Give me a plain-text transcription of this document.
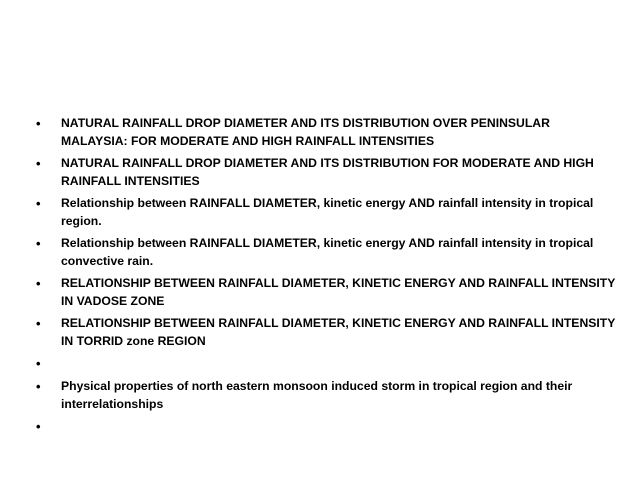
• NATURAL RAINFALL DROP DIAMETER AND ITS DISTRIBUTION OVER PENINSULAR MALAYSIA: FOR MODERATE AND HIGH RAINFALL INTENSITIES
• NATURAL RAINFALL DROP DIAMETER AND ITS DISTRIBUTION FOR MODERATE AND HIGH RAINFALL INTENSITIES
• Relationship between RAINFALL DIAMETER, kinetic energy AND rainfall intensity in tropical region.
• Relationship between RAINFALL DIAMETER, kinetic energy AND rainfall intensity in tropical convective rain.
• RELATIONSHIP BETWEEN RAINFALL DIAMETER, KINETIC ENERGY AND RAINFALL INTENSITY IN VADOSE ZONE
• RELATIONSHIP BETWEEN RAINFALL DIAMETER, KINETIC ENERGY AND RAINFALL INTENSITY IN TORRID zone REGION
•
• Physical properties of north eastern monsoon induced storm in tropical region and their interrelationships
•
